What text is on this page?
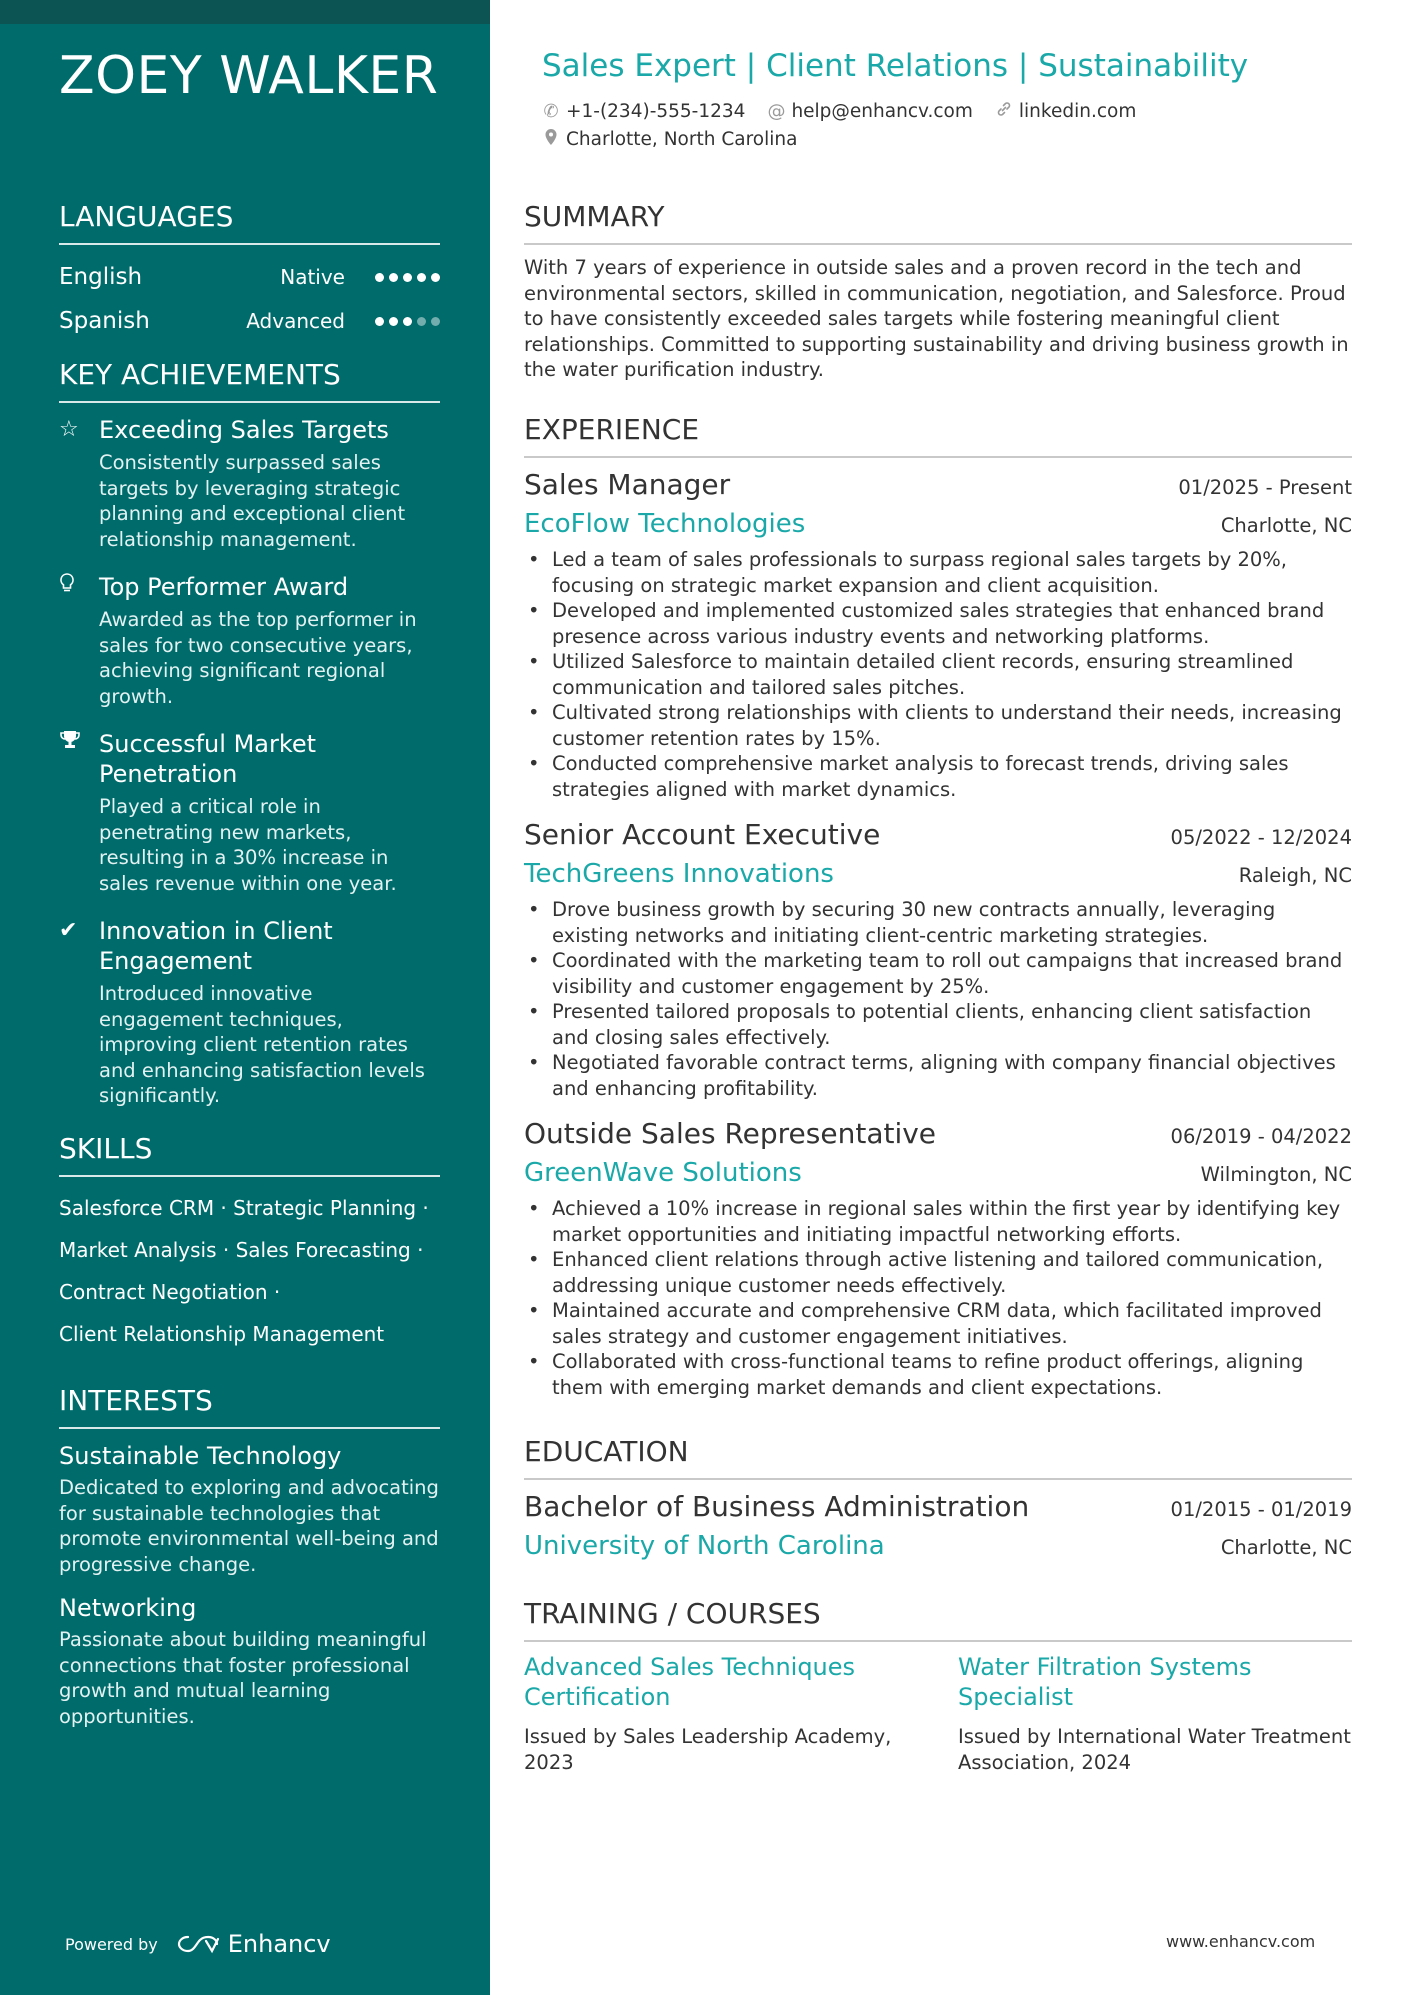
ZOEY WALKER
LANGUAGES
English	Native
Spanish	Advanced
KEY ACHIEVEMENTS
☆ Exceeding Sales Targets
Consistently surpassed sales targets by leveraging strategic planning and exceptional client relationship management.
Top Performer Award
Awarded as the top performer in sales for two consecutive years, achieving significant regional growth.
Successful Market Penetration
Played a critical role in penetrating new markets, resulting in a 30% increase in sales revenue within one year.
✔ Innovation in Client Engagement
Introduced innovative engagement techniques, improving client retention rates and enhancing satisfaction levels significantly.
SKILLS
Salesforce CRM · Strategic Planning ·
Market Analysis · Sales Forecasting ·
Contract Negotiation ·
Client Relationship Management
INTERESTS
Sustainable Technology
Dedicated to exploring and advocating for sustainable technologies that promote environmental well-being and progressive change.
Networking
Passionate about building meaningful connections that foster professional growth and mutual learning opportunities.
Powered by	Enhancv
Sales Expert | Client Relations | Sustainability
✆ +1-(234)-555-1234 @ help@enhancv.com linkedin.com
Charlotte, North Carolina
SUMMARY

With 7 years of experience in outside sales and a proven record in the tech and environmental sectors, skilled in communication, negotiation, and Salesforce. Proud to have consistently exceeded sales targets while fostering meaningful client relationships. Committed to supporting sustainability and driving business growth in the water purification industry.

EXPERIENCE
Sales Manager	01/2025 - Present
EcoFlow Technologies	Charlotte, NC
• Led a team of sales professionals to surpass regional sales targets by 20%, focusing on strategic market expansion and client acquisition.
• Developed and implemented customized sales strategies that enhanced brand presence across various industry events and networking platforms.
• Utilized Salesforce to maintain detailed client records, ensuring streamlined communication and tailored sales pitches.
• Cultivated strong relationships with clients to understand their needs, increasing customer retention rates by 15%.
• Conducted comprehensive market analysis to forecast trends, driving sales strategies aligned with market dynamics.
Senior Account Executive	05/2022 - 12/2024
TechGreens Innovations	Raleigh, NC
• Drove business growth by securing 30 new contracts annually, leveraging existing networks and initiating client-centric marketing strategies.
• Coordinated with the marketing team to roll out campaigns that increased brand visibility and customer engagement by 25%.
• Presented tailored proposals to potential clients, enhancing client satisfaction and closing sales effectively.
• Negotiated favorable contract terms, aligning with company financial objectives and enhancing profitability.
Outside Sales Representative	06/2019 - 04/2022
GreenWave Solutions	Wilmington, NC
• Achieved a 10% increase in regional sales within the first year by identifying key market opportunities and initiating impactful networking efforts.
• Enhanced client relations through active listening and tailored communication, addressing unique customer needs effectively.
• Maintained accurate and comprehensive CRM data, which facilitated improved sales strategy and customer engagement initiatives.
• Collaborated with cross-functional teams to refine product offerings, aligning them with emerging market demands and client expectations.
EDUCATION
Bachelor of Business Administration	01/2015 - 01/2019
University of North Carolina	Charlotte, NC
TRAINING / COURSES
Advanced Sales Techniques Certification
Issued by Sales Leadership Academy, 2023
Water Filtration Systems Specialist
Issued by International Water Treatment Association, 2024
www.enhancv.com
